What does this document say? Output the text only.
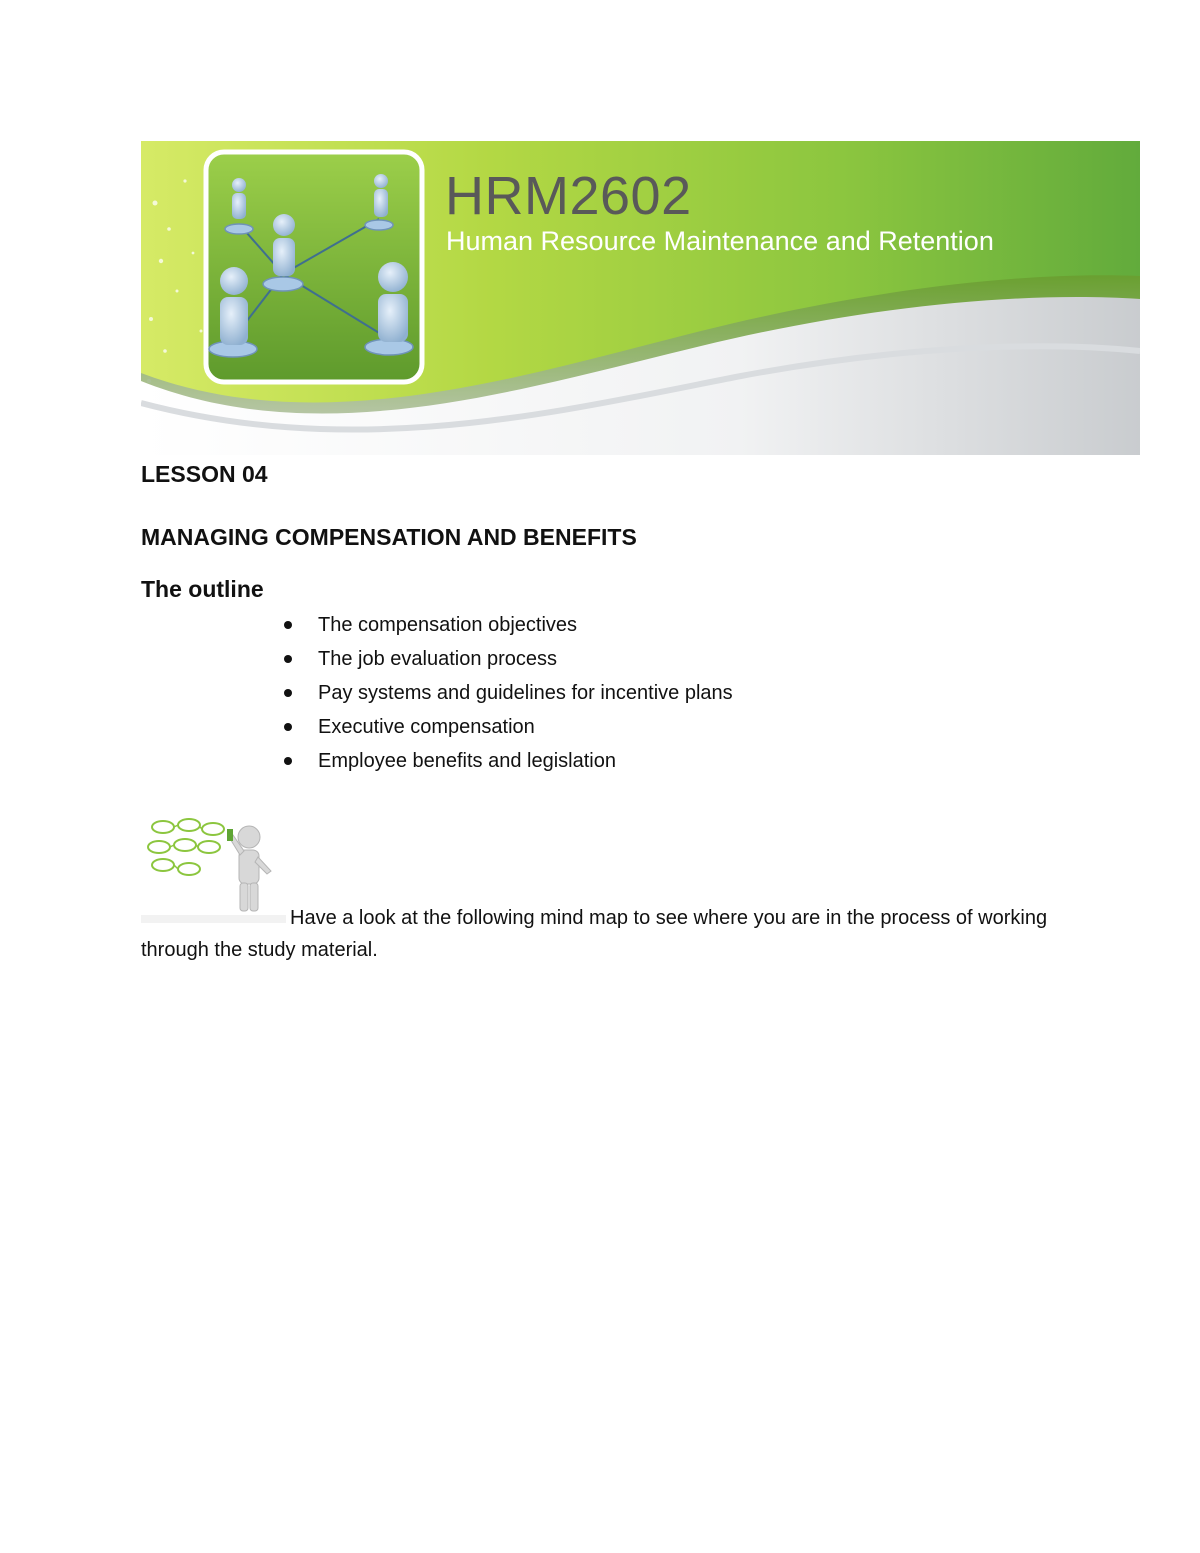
HRM2602
Human Resource Maintenance and Retention
LESSON 04
MANAGING COMPENSATION AND BENEFITS
The outline
The compensation objectives
The job evaluation process
Pay systems and guidelines for incentive plans
Executive compensation
Employee benefits and legislation

Have a look at the following mind map to see where you are in the process of working through the study material.
